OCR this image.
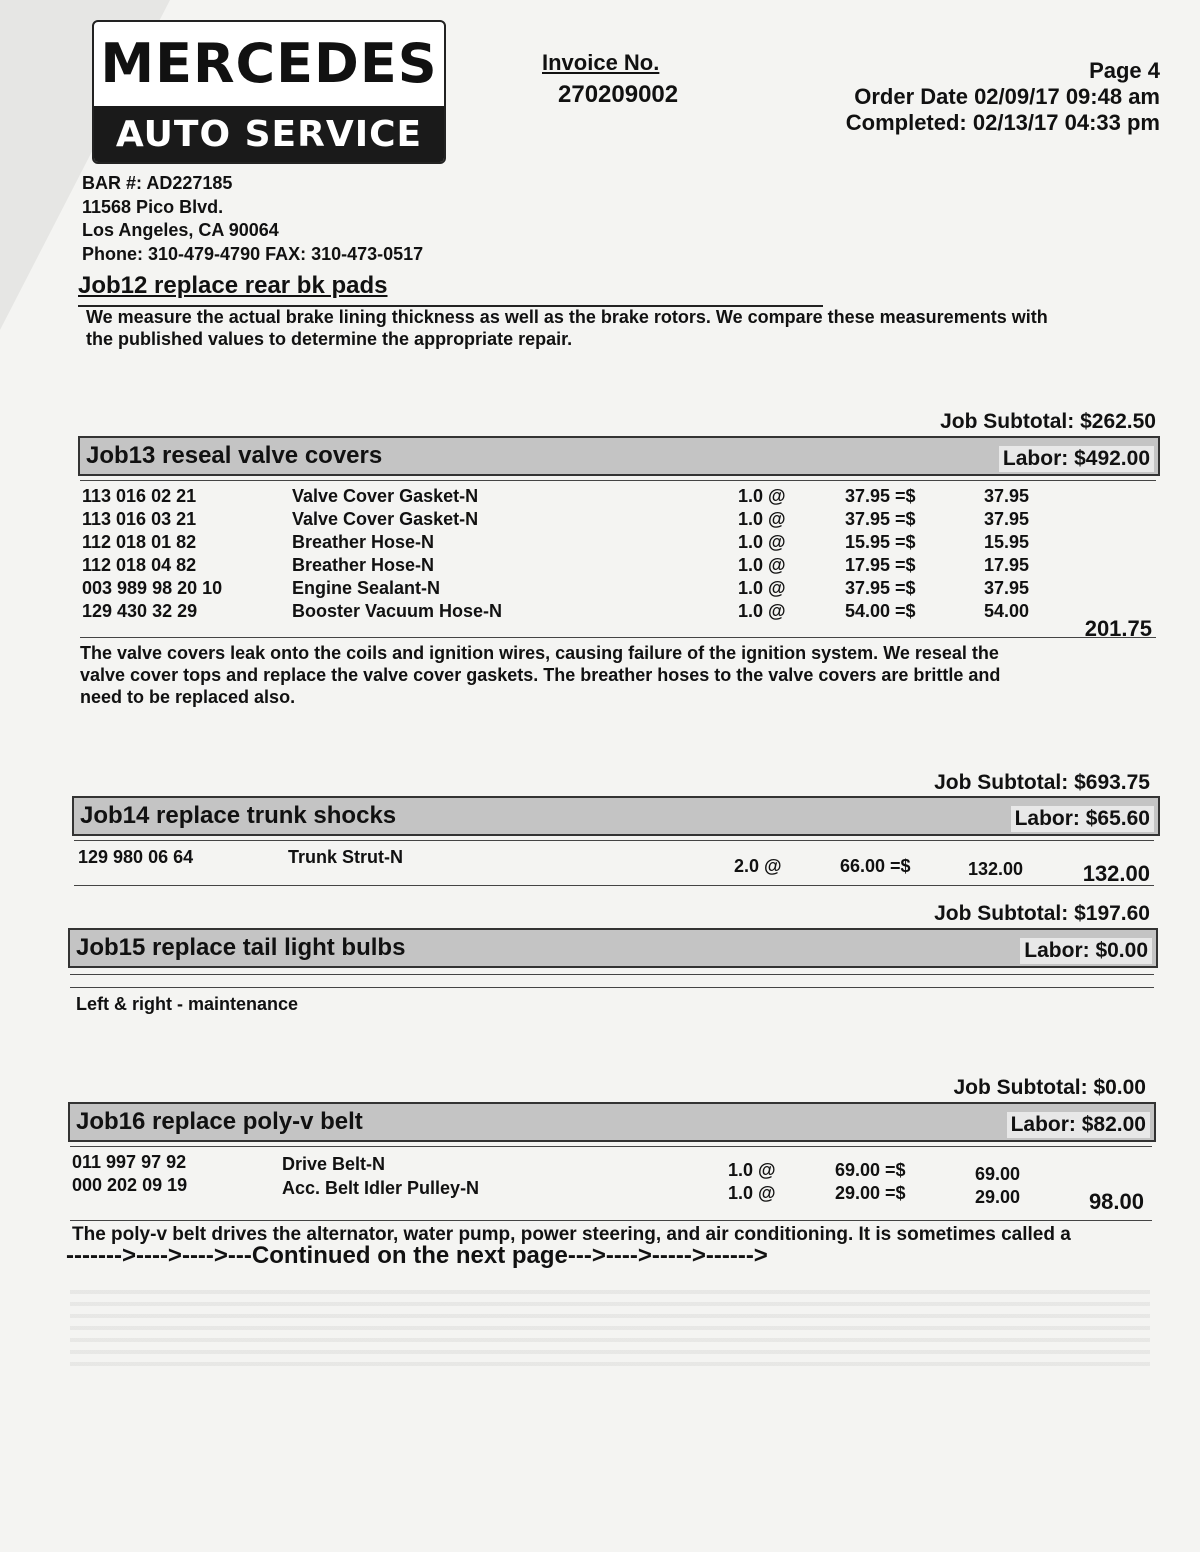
MERCEDES
AUTO SERVICE
Invoice No.
270209002
Page 4
Order Date 02/09/17 09:48 am
Completed: 02/13/17 04:33 pm
BAR #: AD227185
11568 Pico Blvd.
Los Angeles, CA 90064
Phone: 310-479-4790 FAX: 310-473-0517
Job12 replace rear bk pads
We measure the actual brake lining thickness as well as the brake rotors. We compare these measurements with
the published values to determine the appropriate repair.
Job Subtotal: $262.50
Job13 reseal valve covers	Labor: $492.00
113 016 02 21	Valve Cover Gasket-N	1.0 @	37.95 =$	37.95
113 016 03 21	Valve Cover Gasket-N	1.0 @	37.95 =$	37.95
112 018 01 82	Breather Hose-N	1.0 @	15.95 =$	15.95
112 018 04 82	Breather Hose-N	1.0 @	17.95 =$	17.95
003 989 98 20 10	Engine Sealant-N	1.0 @	37.95 =$	37.95
129 430 32 29	Booster Vacuum Hose-N	1.0 @	54.00 =$	54.00
201.75
The valve covers leak onto the coils and ignition wires, causing failure of the ignition system. We reseal the
valve cover tops and replace the valve cover gaskets. The breather hoses to the valve covers are brittle and
need to be replaced also.
Job Subtotal: $693.75
Job14 replace trunk shocks	Labor: $65.60
129 980 06 64	Trunk Strut-N	2.0 @	66.00 =$	132.00	132.00
Job Subtotal: $197.60
Job15 replace tail light bulbs	Labor: $0.00
Left & right - maintenance
Job Subtotal: $0.00
Job16 replace poly-v belt	Labor: $82.00
011 997 97 92	Drive Belt-N	1.0 @	69.00 =$	69.00
000 202 09 19	Acc. Belt Idler Pulley-N	1.0 @	29.00 =$	29.00	98.00
The poly-v belt drives the alternator, water pump, power steering, and air conditioning. It is sometimes called a
------->---->---->---Continued on the next page--->---->----->------>
